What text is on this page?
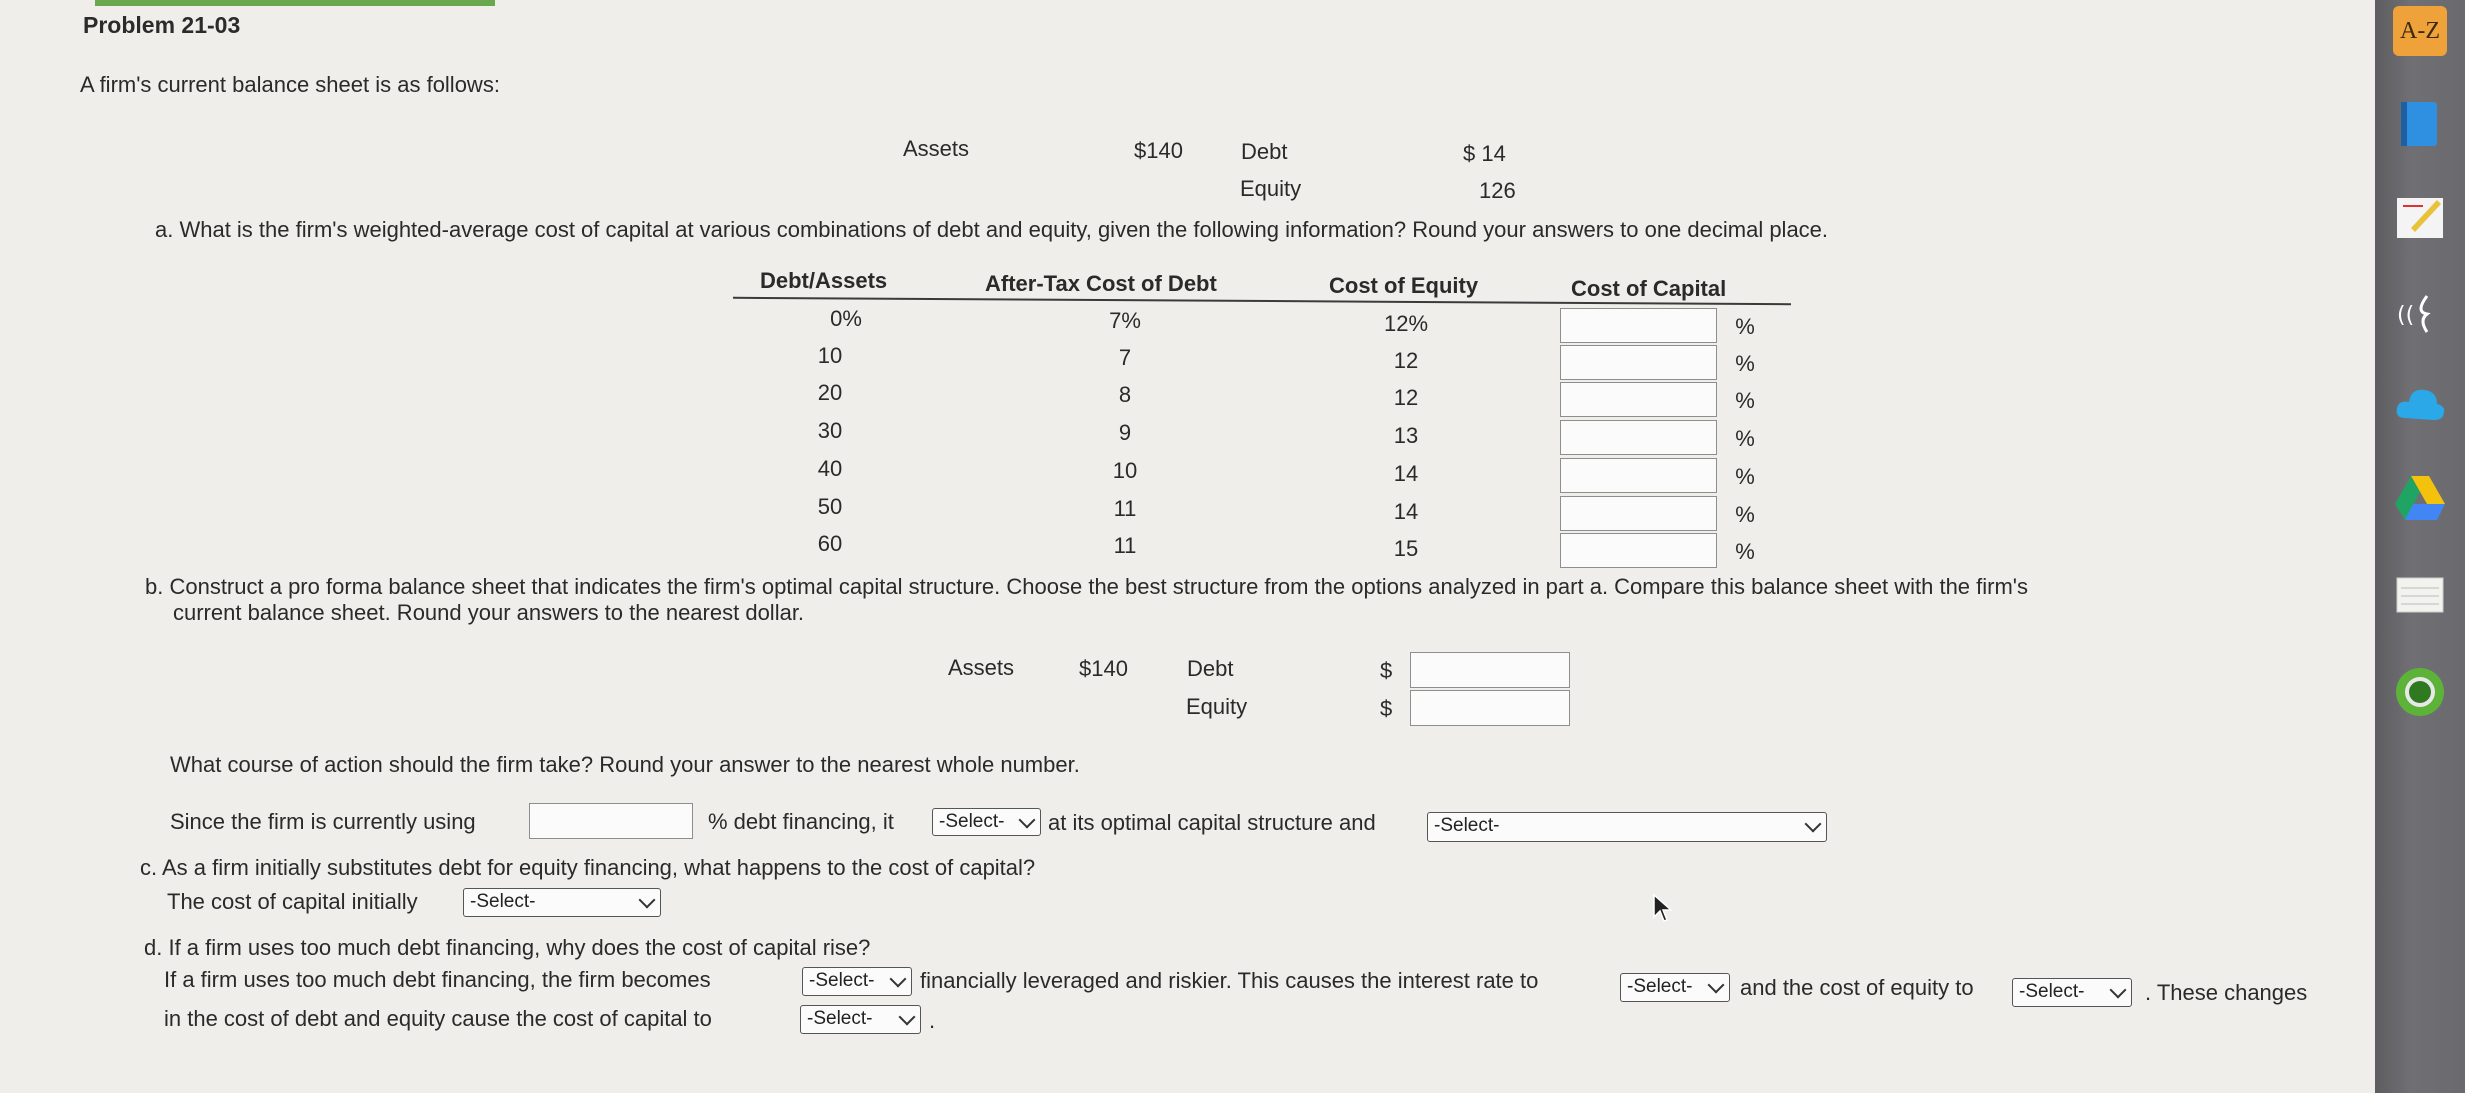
Problem 21-03
A firm's current balance sheet is as follows:
Assets	$140	Debt	$ 14
Equity	126
a. What is the firm's weighted-average cost of capital at various combinations of debt and equity, given the following information? Round your answers to one decimal place.
Debt/Assets	After-Tax Cost of Debt	Cost of Equity	Cost of Capital
0%	7%	12%	%
10	7	12	%
20	8	12	%
30	9	13	%
40	10	14	%
50	11	14	%
60	11	15	%
b. Construct a pro forma balance sheet that indicates the firm's optimal capital structure. Choose the best structure from the options analyzed in part a. Compare this balance sheet with the firm's
current balance sheet. Round your answers to the nearest dollar.
Assets	$140	Debt	$
Equity	$
What course of action should the firm take? Round your answer to the nearest whole number.
Since the firm is currently using	% debt financing, it	-Select-	at its optimal capital structure and	-Select-
c. As a firm initially substitutes debt for equity financing, what happens to the cost of capital?
The cost of capital initially	-Select-
d. If a firm uses too much debt financing, why does the cost of capital rise?
If a firm uses too much debt financing, the firm becomes	-Select-	financially leveraged and riskier. This causes the interest rate to	-Select-	and the cost of equity to	-Select-	. These changes
in the cost of debt and equity cause the cost of capital to	-Select-	.
A-Z
((
